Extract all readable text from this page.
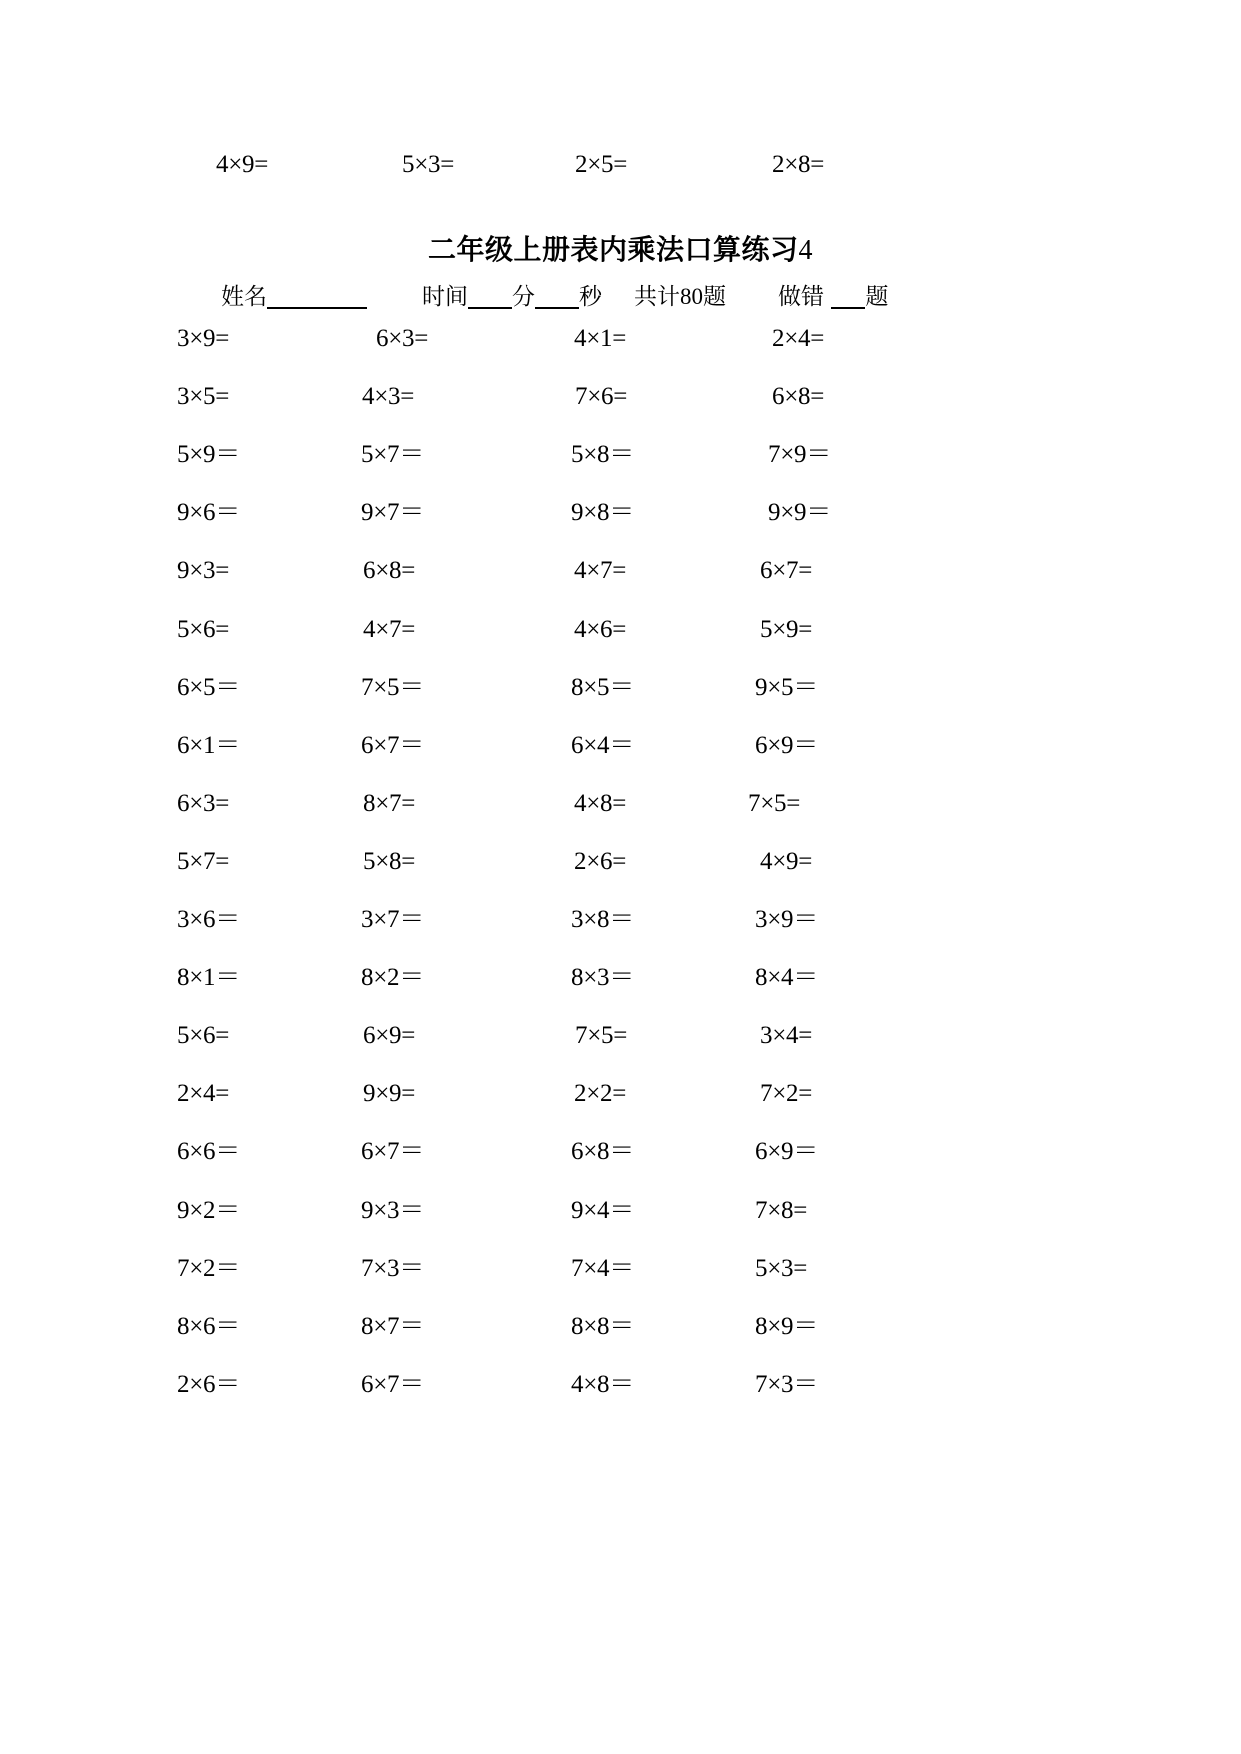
4×9=	5×3=	2×5=	2×8=
二年级上册表内乘法口算练习4
姓名	时间 分 秒 共计80题 做错 题
3×9=	6×3=	4×1=	2×4=
3×5=	4×3=	7×6=	6×8=
5×9＝	5×7＝	5×8＝	7×9＝
9×6＝	9×7＝	9×8＝	9×9＝
9×3=	6×8=	4×7=	6×7=
5×6=	4×7=	4×6=	5×9=
6×5＝	7×5＝	8×5＝	9×5＝
6×1＝	6×7＝	6×4＝	6×9＝
6×3=	8×7=	4×8=	7×5=
5×7=	5×8=	2×6=	4×9=
3×6＝	3×7＝	3×8＝	3×9＝
8×1＝	8×2＝	8×3＝	8×4＝
5×6=	6×9=	7×5=	3×4=
2×4=	9×9=	2×2=	7×2=
6×6＝	6×7＝	6×8＝	6×9＝
9×2＝	9×3＝	9×4＝	7×8=
7×2＝	7×3＝	7×4＝	5×3=
8×6＝	8×7＝	8×8＝	8×9＝
2×6＝	6×7＝	4×8＝	7×3＝
